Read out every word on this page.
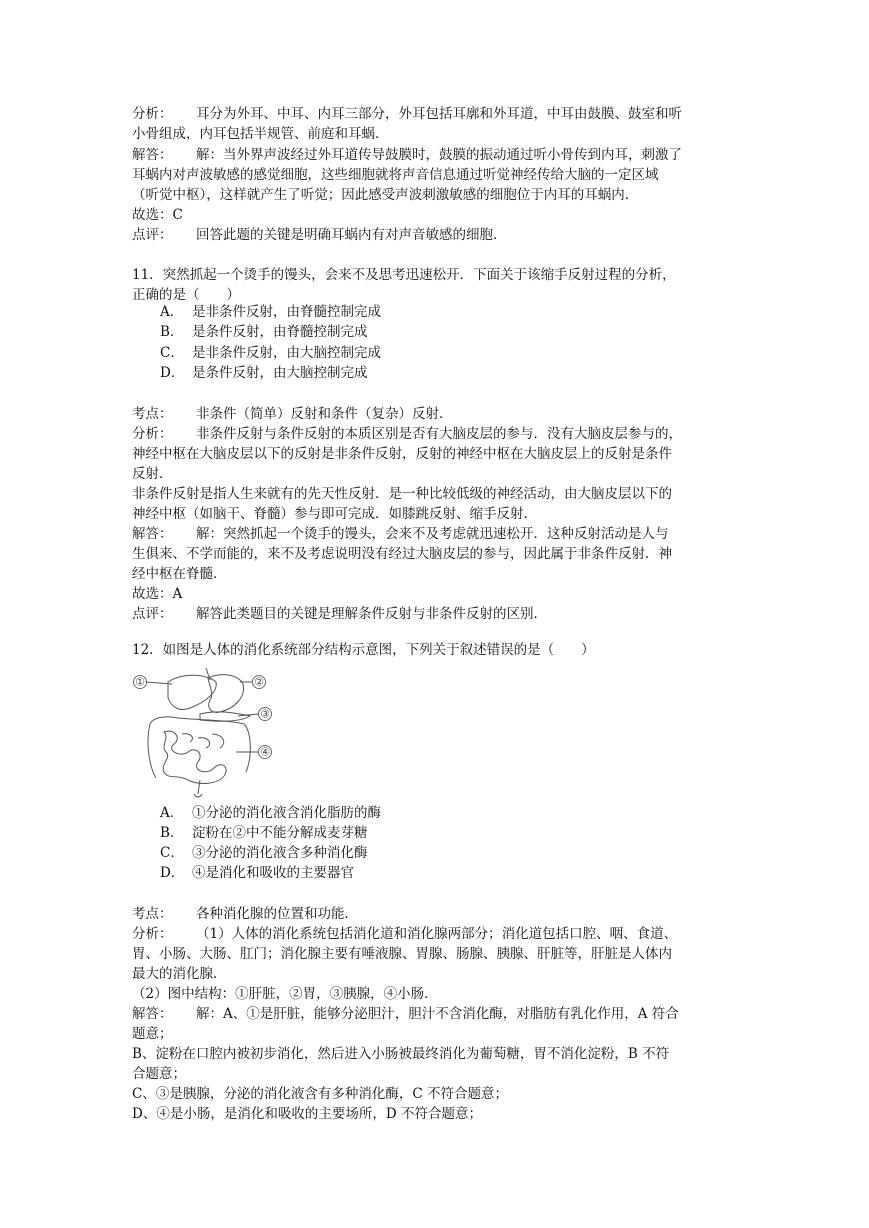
分析： 耳分为外耳、中耳、内耳三部分，外耳包括耳廓和外耳道，中耳由鼓膜、鼓室和听
小骨组成，内耳包括半规管、前庭和耳蜗．
解答： 解：当外界声波经过外耳道传导鼓膜时，鼓膜的振动通过听小骨传到内耳，刺激了
耳蜗内对声波敏感的感觉细胞，这些细胞就将声音信息通过听觉神经传给大脑的一定区域
（听觉中枢），这样就产生了听觉；因此感受声波刺激敏感的细胞位于内耳的耳蜗内．
故选：C
点评： 回答此题的关键是明确耳蜗内有对声音敏感的细胞．
11．突然抓起一个烫手的馒头，会来不及思考迅速松开．下面关于该缩手反射过程的分析，
正确的是（　　）
A． 是非条件反射，由脊髓控制完成
B． 是条件反射，由脊髓控制完成
C． 是非条件反射，由大脑控制完成
D． 是条件反射，由大脑控制完成
考点： 非条件（简单）反射和条件（复杂）反射．
分析： 非条件反射与条件反射的本质区别是否有大脑皮层的参与．没有大脑皮层参与的，
神经中枢在大脑皮层以下的反射是非条件反射，反射的神经中枢在大脑皮层上的反射是条件
反射．
非条件反射是指人生来就有的先天性反射．是一种比较低级的神经活动，由大脑皮层以下的
神经中枢（如脑干、脊髓）参与即可完成．如膝跳反射、缩手反射．
解答： 解：突然抓起一个烫手的馒头，会来不及考虑就迅速松开．这种反射活动是人与
生俱来、不学而能的，来不及考虑说明没有经过大脑皮层的参与，因此属于非条件反射．神
经中枢在脊髓．
故选：A
点评： 解答此类题目的关键是理解条件反射与非条件反射的区别．
12．如图是人体的消化系统部分结构示意图，下列关于叙述错误的是（　　）
①	②
③
④
A． ①分泌的消化液含消化脂肪的酶
B． 淀粉在②中不能分解成麦芽糖
C． ③分泌的消化液含多种消化酶
D． ④是消化和吸收的主要器官
考点： 各种消化腺的位置和功能．
分析： （1）人体的消化系统包括消化道和消化腺两部分；消化道包括口腔、咽、食道、
胃、小肠、大肠、肛门；消化腺主要有唾液腺、胃腺、肠腺、胰腺、肝脏等，肝脏是人体内
最大的消化腺．
（2）图中结构：①肝脏，②胃，③胰腺，④小肠．
解答： 解：A、①是肝脏，能够分泌胆汁，胆汁不含消化酶，对脂肪有乳化作用，A 符合
题意；
B、淀粉在口腔内被初步消化，然后进入小肠被最终消化为葡萄糖，胃不消化淀粉，B 不符
合题意；
C、③是胰腺，分泌的消化液含有多种消化酶，C 不符合题意；
D、④是小肠，是消化和吸收的主要场所，D 不符合题意；
